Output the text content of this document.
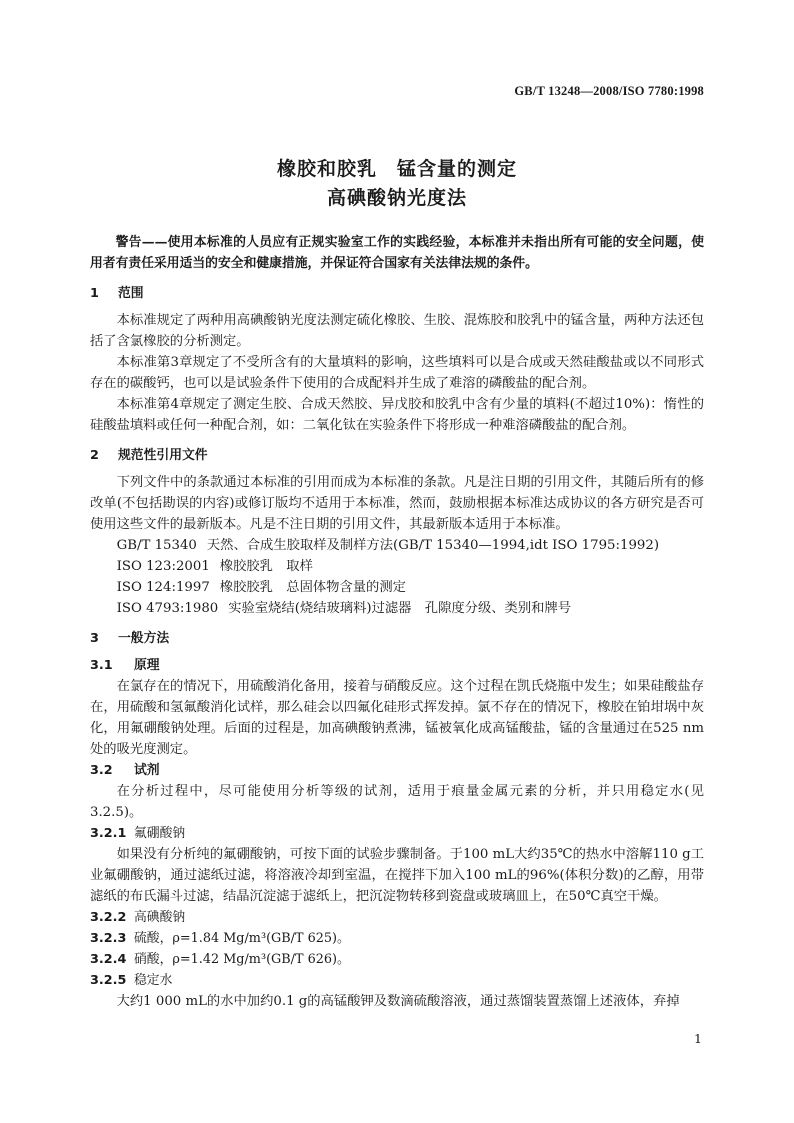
GB/T 13248—2008/ISO 7780:1998
橡胶和胶乳　锰含量的测定
高碘酸钠光度法

警告——使用本标准的人员应有正规实验室工作的实践经验，本标准并未指出所有可能的安全问题，使用者有责任采用适当的安全和健康措施，并保证符合国家有关法律法规的条件。

1 范围

本标准规定了两种用高碘酸钠光度法测定硫化橡胶、生胶、混炼胶和胶乳中的锰含量，两种方法还包括了含氯橡胶的分析测定。

本标准第3章规定了不受所含有的大量填料的影响，这些填料可以是合成或天然硅酸盐或以不同形式存在的碳酸钙，也可以是试验条件下使用的合成配料并生成了难溶的磷酸盐的配合剂。

本标准第4章规定了测定生胶、合成天然胶、异戊胶和胶乳中含有少量的填料(不超过10%)：惰性的硅酸盐填料或任何一种配合剂，如：二氧化钛在实验条件下将形成一种难溶磷酸盐的配合剂。

2 规范性引用文件

下列文件中的条款通过本标准的引用而成为本标准的条款。凡是注日期的引用文件，其随后所有的修改单(不包括勘误的内容)或修订版均不适用于本标准，然而，鼓励根据本标准达成协议的各方研究是否可使用这些文件的最新版本。凡是不注日期的引用文件，其最新版本适用于本标准。

GB/T 15340 天然、合成生胶取样及制样方法(GB/T 15340—1994,idt ISO 1795:1992)

ISO 123:2001 橡胶胶乳　取样

ISO 124:1997 橡胶胶乳　总固体物含量的测定

ISO 4793:1980 实验室烧结(烧结玻璃料)过滤器　孔隙度分级、类别和牌号

3 一般方法

3.1 原理

在氯存在的情况下，用硫酸消化备用，接着与硝酸反应。这个过程在凯氏烧瓶中发生；如果硅酸盐存在，用硫酸和氢氟酸消化试样，那么硅会以四氟化硅形式挥发掉。氯不存在的情况下，橡胶在铂坩埚中灰化，用氟硼酸钠处理。后面的过程是，加高碘酸钠煮沸，锰被氧化成高锰酸盐，锰的含量通过在525 nm处的吸光度测定。

3.2 试剂

在分析过程中，尽可能使用分析等级的试剂，适用于痕量金属元素的分析，并只用稳定水(见3.2.5)。

3.2.1 氟硼酸钠

如果没有分析纯的氟硼酸钠，可按下面的试验步骤制备。于100 mL大约35℃的热水中溶解110 g工业氟硼酸钠，通过滤纸过滤，将溶液冷却到室温，在搅拌下加入100 mL的96%(体积分数)的乙醇，用带滤纸的布氏漏斗过滤，结晶沉淀滤于滤纸上，把沉淀物转移到瓷盘或玻璃皿上，在50℃真空干燥。

3.2.2 高碘酸钠

3.2.3 硫酸，ρ=1.84 Mg/m³(GB/T 625)。

3.2.4 硝酸，ρ=1.42 Mg/m³(GB/T 626)。

3.2.5 稳定水

大约1 000 mL的水中加约0.1 g的高锰酸钾及数滴硫酸溶液，通过蒸馏装置蒸馏上述液体，弃掉

1
